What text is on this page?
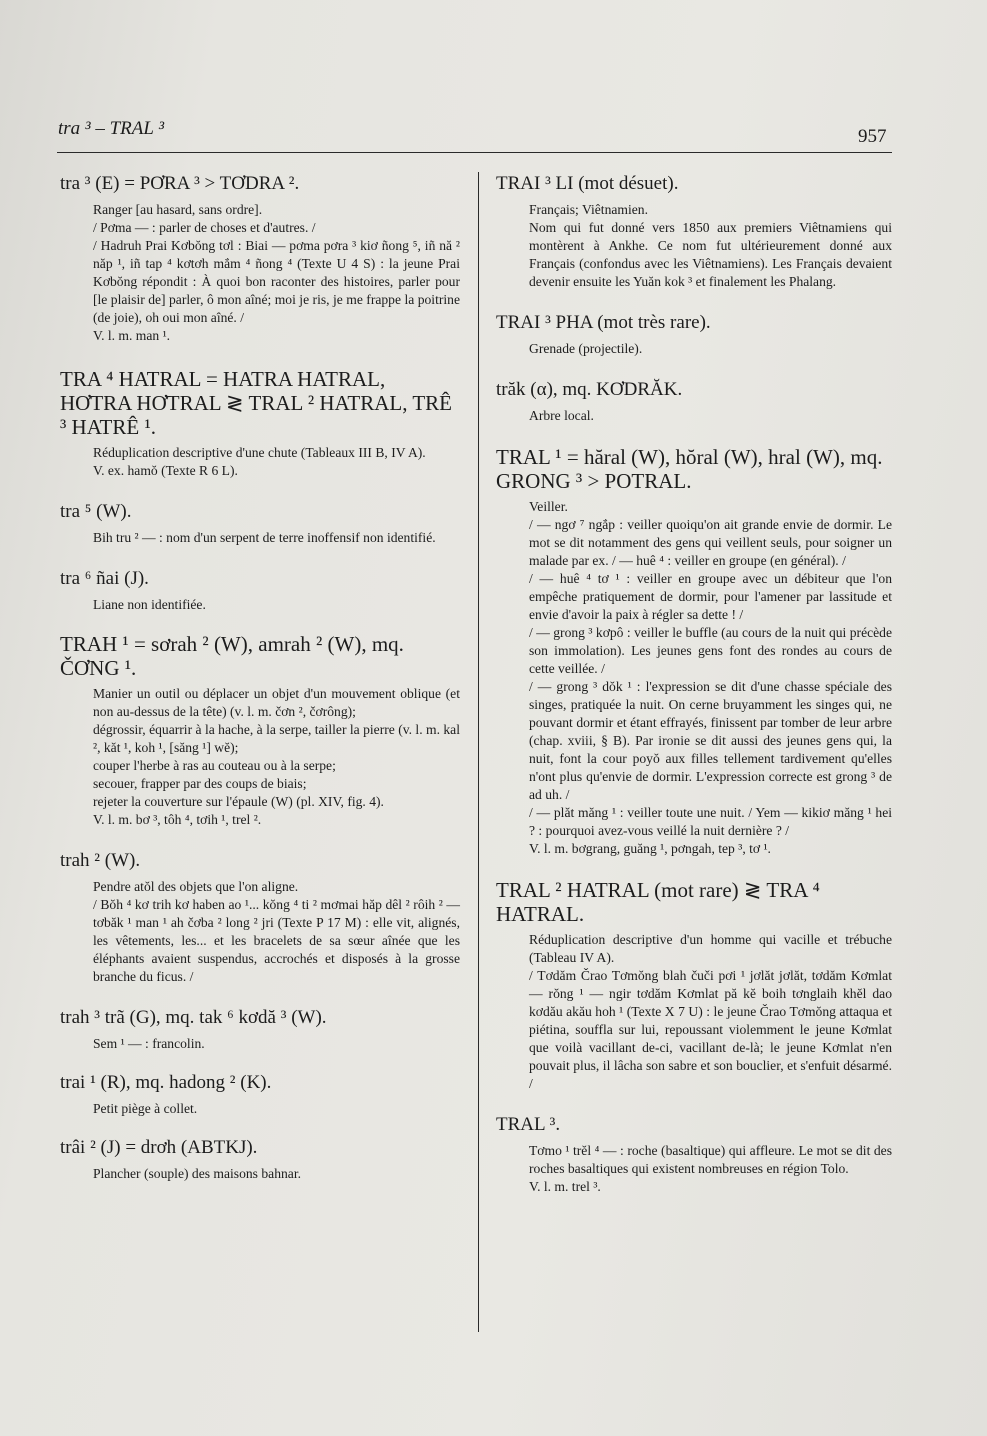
tra ³ – TRAL ³	957
tra ³ (E) = PƠRA ³ > TƠDRA ².

Ranger [au hasard, sans ordre].

/ Pơma — : parler de choses et d'autres. /

/ Hadruh Prai Kơbŏng tơl : Biai — pơma pơra ³ kiơ ñong ⁵, iñ nă ² năp ¹, iñ tap ⁴ kơtơh mắm ⁴ ñong ⁴ (Texte U 4 S) : la jeune Prai Kơbŏng répondit : À quoi bon raconter des histoires, parler pour [le plaisir de] parler, ô mon aîné; moi je ris, je me frappe la poitrine (de joie), oh oui mon aîné. /

V. l. m. man ¹.

TRA ⁴ HATRAL = HATRA HATRAL, HƠTRA HƠTRAL ≷ TRAL ² HATRAL, TRÊ ³ HATRÊ ¹.

Réduplication descriptive d'une chute (Tableaux III B, IV A).

V. ex. hamŏ (Texte R 6 L).

tra ⁵ (W).

Bih tru ² — : nom d'un serpent de terre inoffensif non identifié.

tra ⁶ ñai (J).

Liane non identifiée.

TRAH ¹ = sơrah ² (W), amrah ² (W), mq. ČƠNG ¹.

Manier un outil ou déplacer un objet d'un mouvement oblique (et non au-dessus de la tête) (v. l. m. čơn ², čơrông);

dégrossir, équarrir à la hache, à la serpe, tailler la pierre (v. l. m. kal ², kăt ¹, koh ¹, [săng ¹] wĕ);

couper l'herbe à ras au couteau ou à la serpe;

secouer, frapper par des coups de biais;

rejeter la couverture sur l'épaule (W) (pl. XIV, fig. 4).

V. l. m. bơ ³, tôh ⁴, tơih ¹, trel ².

trah ² (W).

Pendre atŏl des objets que l'on aligne.

/ Bŏh ⁴ kơ trih kơ haben ao ¹... kŏng ⁴ ti ² mơmai hăp dêl ² rôih ² — tơbăk ¹ man ¹ ah čơba ² long ² jri (Texte P 17 M) : elle vit, alignés, les vêtements, les... et les bracelets de sa sœur aînée que les éléphants avaient suspendus, accrochés et disposés à la grosse branche du ficus. /

trah ³ trã (G), mq. tak ⁶ kơdă ³ (W).

Sem ¹ — : francolin.

trai ¹ (R), mq. hadong ² (K).

Petit piège à collet.

trâi ² (J) = drơh (ABTKJ).

Plancher (souple) des maisons bahnar.

TRAI ³ LI (mot désuet).

Français; Viêtnamien.

Nom qui fut donné vers 1850 aux premiers Viêtnamiens qui montèrent à Ankhe. Ce nom fut ultérieurement donné aux Français (confondus avec les Viêtnamiens). Les Français devaient devenir ensuite les Yuăn kok ³ et finalement les Phalang.

TRAI ³ PHA (mot très rare).

Grenade (projectile).

trăk (α), mq. KƠDRĂK.

Arbre local.

TRAL ¹ = hăral (W), hŏral (W), hral (W), mq. GRONG ³ > POTRAL.

Veiller.

/ — ngơ ⁷ ngắp : veiller quoiqu'on ait grande envie de dormir. Le mot se dit notamment des gens qui veillent seuls, pour soigner un malade par ex. / — huê ⁴ : veiller en groupe (en général). /

/ — huê ⁴ tơ ¹ : veiller en groupe avec un débiteur que l'on empêche pratiquement de dormir, pour l'amener par lassitude et envie d'avoir la paix à régler sa dette ! /

/ — grong ³ kơpô : veiller le buffle (au cours de la nuit qui précède son immolation). Les jeunes gens font des rondes au cours de cette veillée. /

/ — grong ³ dŏk ¹ : l'expression se dit d'une chasse spéciale des singes, pratiquée la nuit. On cerne bruyamment les singes qui, ne pouvant dormir et étant effrayés, finissent par tomber de leur arbre (chap. xviii, § B). Par ironie se dit aussi des jeunes gens qui, la nuit, font la cour poyŏ aux filles tellement tardivement qu'elles n'ont plus qu'envie de dormir. L'expression correcte est grong ³ de ad uh. /

/ — plăt măng ¹ : veiller toute une nuit. / Yem — kikiơ măng ¹ hei ? : pourquoi avez-vous veillé la nuit dernière ? /

V. l. m. bơgrang, guăng ¹, pơngah, tep ³, tơ ¹.

TRAL ² HATRAL (mot rare) ≷ TRA ⁴ HATRAL.

Réduplication descriptive d'un homme qui vacille et trébuche (Tableau IV A).

/ Tơdăm Črao Tơmŏng blah čuči pơi ¹ jơlăt jơlăt, tơdăm Kơmlat — rŏng ¹ — ngir tơdăm Kơmlat pă kĕ boih tơnglaih khĕl dao kơdău akău hoh ¹ (Texte X 7 U) : le jeune Črao Tơmŏng attaqua et piétina, souffla sur lui, repoussant violemment le jeune Kơmlat que voilà vacillant de-ci, vacillant de-là; le jeune Kơmlat n'en pouvait plus, il lâcha son sabre et son bouclier, et s'enfuit désarmé. /

TRAL ³.

Tơmo ¹ trĕl ⁴ — : roche (basaltique) qui affleure. Le mot se dit des roches basaltiques qui existent nombreuses en région Tolo.

V. l. m. trel ³.
